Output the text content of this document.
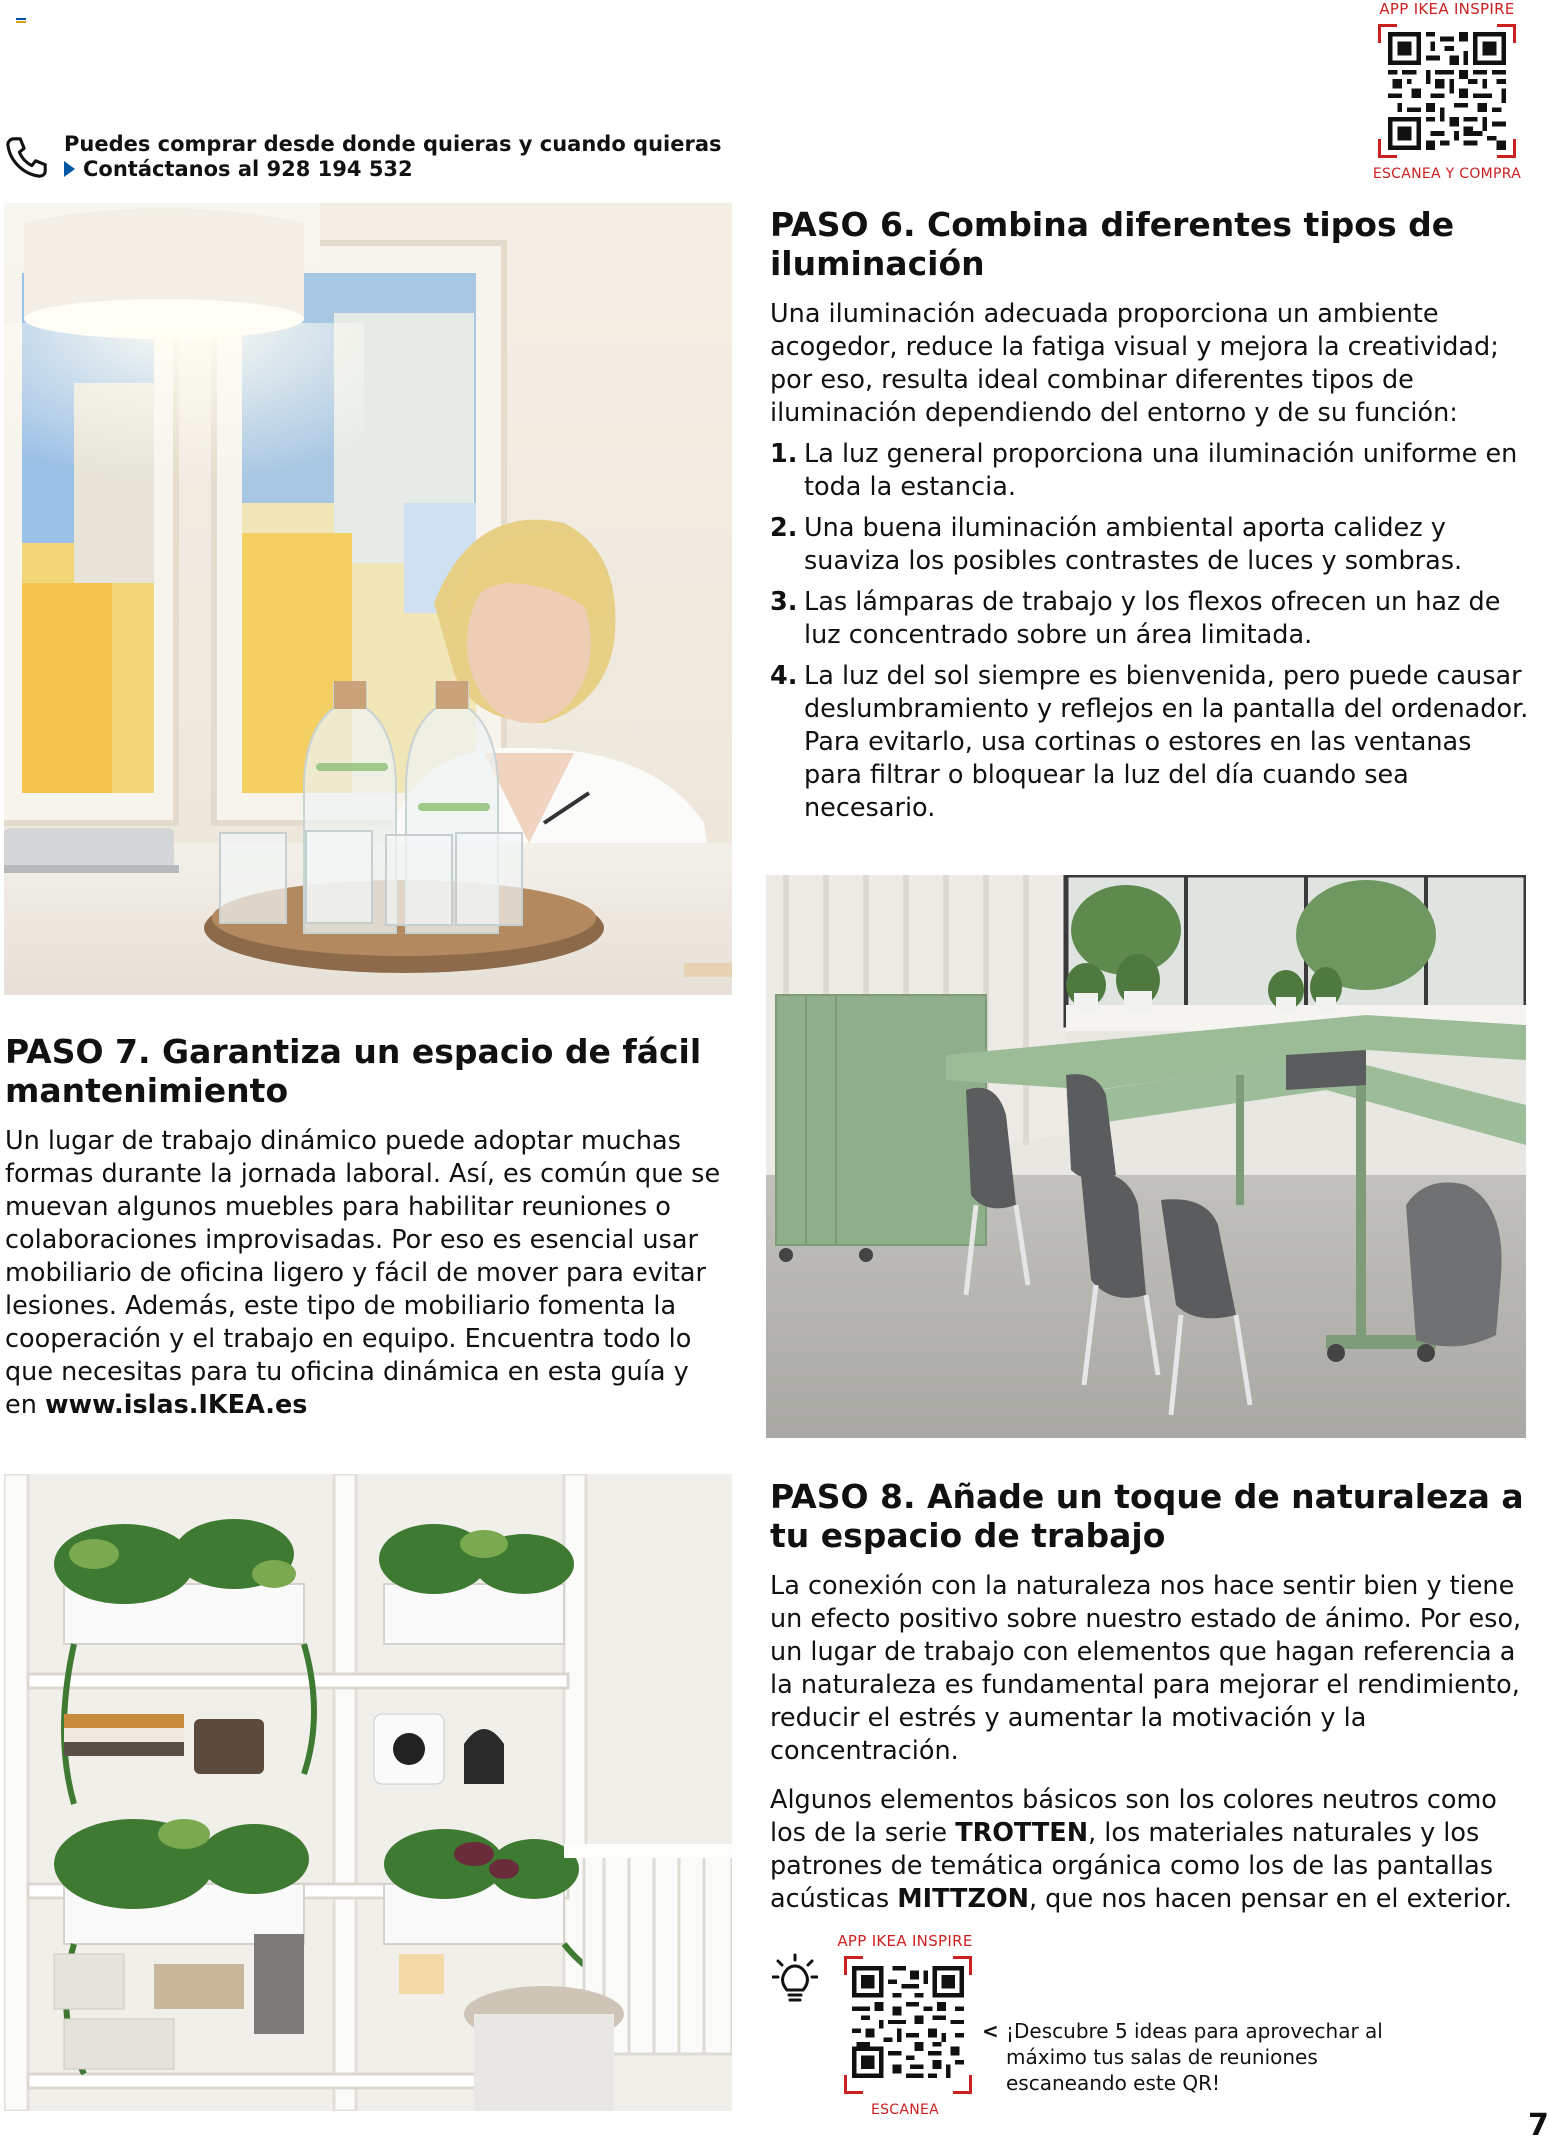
Puedes comprar desde donde quieras y cuando quieras
Contáctanos al 928 194 532
APP IKEA INSPIRE
ESCANEA Y COMPRA
PASO 6. Combina diferentes tipos de iluminación

Una iluminación adecuada proporciona un ambiente acogedor, reduce la fatiga visual y mejora la creatividad; por eso, resulta ideal combinar diferentes tipos de iluminación dependiendo del entorno y de su función:

1. La luz general proporciona una iluminación uniforme en toda la estancia.
2. Una buena iluminación ambiental aporta calidez y suaviza los posibles contrastes de luces y sombras.
3. Las lámparas de trabajo y los flexos ofrecen un haz de luz concentrado sobre un área limitada.
4. La luz del sol siempre es bienvenida, pero puede causar deslumbramiento y reflejos en la pantalla del ordenador. Para evitarlo, usa cortinas o estores en las ventanas para filtrar o bloquear la luz del día cuando sea necesario.
PASO 7. Garantiza un espacio de fácil mantenimiento

Un lugar de trabajo dinámico puede adoptar muchas formas durante la jornada laboral. Así, es común que se muevan algunos muebles para habilitar reuniones o colaboraciones improvisadas. Por eso es esencial usar mobiliario de oficina ligero y fácil de mover para evitar lesiones. Además, este tipo de mobiliario fomenta la cooperación y el trabajo en equipo. Encuentra todo lo que necesitas para tu oficina dinámica en esta guía y en www.islas.IKEA.es

PASO 8. Añade un toque de naturaleza a tu espacio de trabajo

La conexión con la naturaleza nos hace sentir bien y tiene un efecto positivo sobre nuestro estado de ánimo. Por eso, un lugar de trabajo con elementos que hagan referencia a la naturaleza es fundamental para mejorar el rendimiento, reducir el estrés y aumentar la motivación y la concentración.

Algunos elementos básicos son los colores neutros como los de la serie TROTTEN, los materiales naturales y los patrones de temática orgánica como los de las pantallas acústicas MITTZON, que nos hacen pensar en el exterior.

APP IKEA INSPIRE
ESCANEA
< ¡Descubre 5 ideas para aprovechar al máximo tus salas de reuniones escaneando este QR!
7
